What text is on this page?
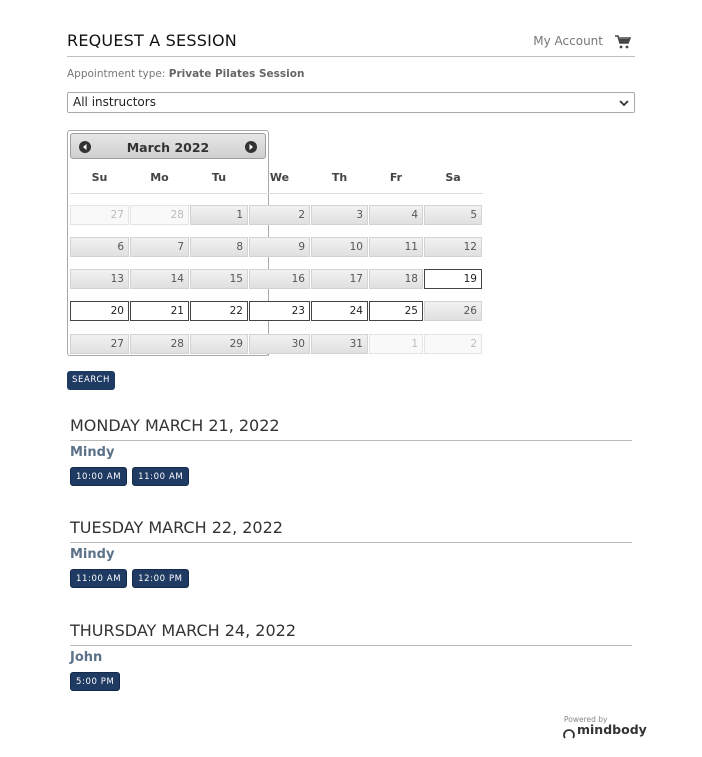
REQUEST A SESSION	My Account
Appointment type: Private Pilates Session
All instructors
March 2022
Su	Mo	Tu	We	Th	Fr	Sa
27	28	1	2	3	4	5
6	7	8	9	10	11	12
13	14	15	16	17	18	19
20	21	22	23	24	25	26
27	28	29	30	31	1	2
SEARCH
MONDAY MARCH 21, 2022
Mindy
10:00 AM 11:00 AM
TUESDAY MARCH 22, 2022
Mindy
11:00 AM 12:00 PM
THURSDAY MARCH 24, 2022
John
5:00 PM
Powered by
mindbody
